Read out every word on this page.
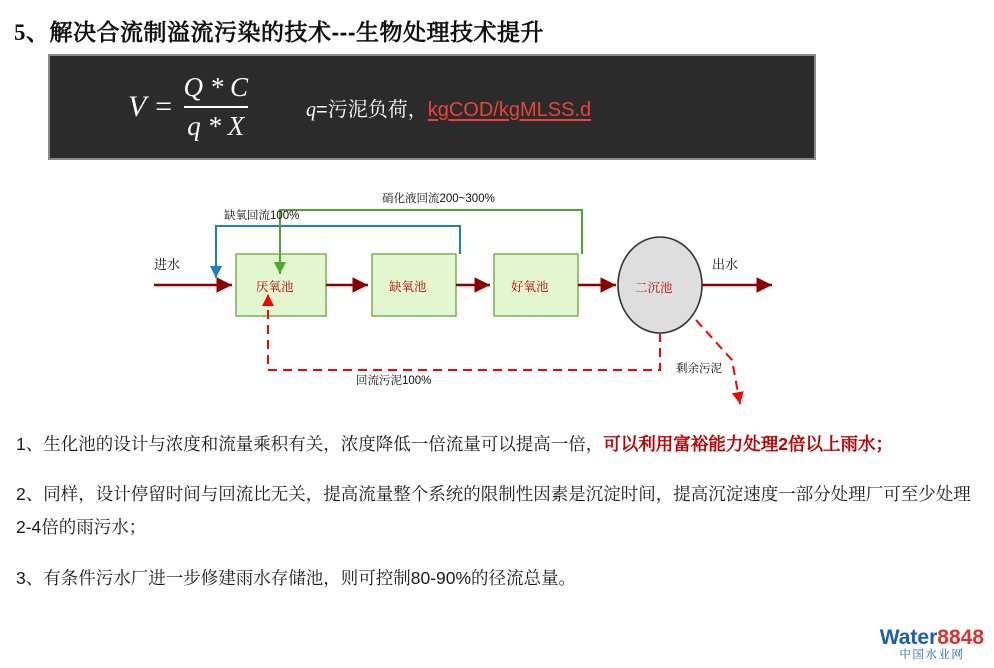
5、解决合流制溢流污染的技术---生物处理技术提升
$V = \frac{Q * C}{q * X}$	q=污泥负荷，kgCOD/kgMLSS.d
进水	出水
缺氧回流100%
硝化液回流200~300%
回流污泥100%
剩余污泥
厌氧池	缺氧池	好氧池	二沉池

1、生化池的设计与浓度和流量乘积有关，浓度降低一倍流量可以提高一倍，可以利用富裕能力处理2倍以上雨水；

2、同样，设计停留时间与回流比无关，提高流量整个系统的限制性因素是沉淀时间，提高沉淀速度一部分处理厂可至少处理2-4倍的雨污水；

3、有条件污水厂进一步修建雨水存储池，则可控制80-90%的径流总量。

Water8848
中国水业网
